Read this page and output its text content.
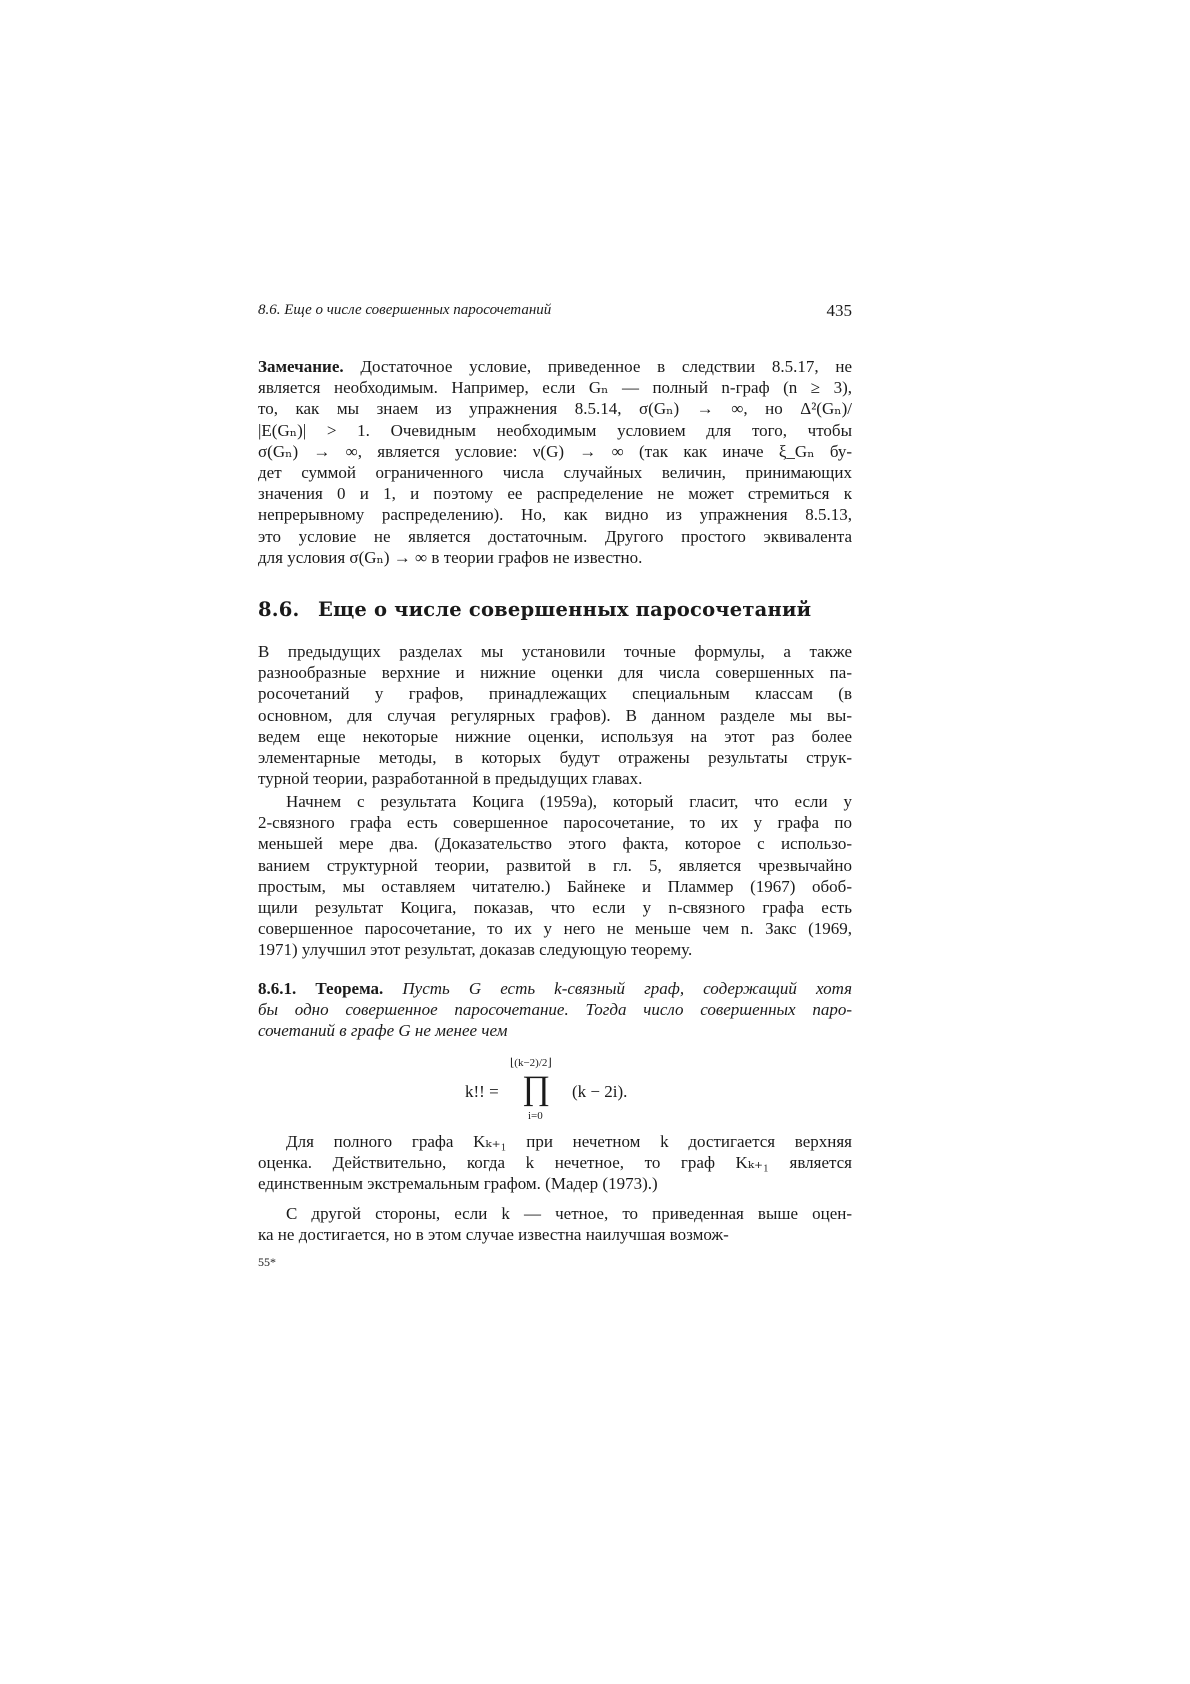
8.6. Еще о числе совершенных паросочетаний	435
Замечание. Достаточное условие, приведенное в следствии 8.5.17, не
является необходимым. Например, если Gₙ — полный n-граф (n ≥ 3),
то, как мы знаем из упражнения 8.5.14, σ(Gₙ) → ∞, но Δ²(Gₙ)/
|E(Gₙ)| > 1. Очевидным необходимым условием для того, чтобы
σ(Gₙ) → ∞, является условие: ν(G) → ∞ (так как иначе ξ_Gₙ бу-
дет суммой ограниченного числа случайных величин, принимающих
значения 0 и 1, и поэтому ее распределение не может стремиться к
непрерывному распределению). Но, как видно из упражнения 8.5.13,
это условие не является достаточным. Другого простого эквивалента
для условия σ(Gₙ) → ∞ в теории графов не известно.
8.6. Еще о числе совершенных паросочетаний
В предыдущих разделах мы установили точные формулы, а также
разнообразные верхние и нижние оценки для числа совершенных па-
росочетаний у графов, принадлежащих специальным классам (в
основном, для случая регулярных графов). В данном разделе мы вы-
ведем еще некоторые нижние оценки, используя на этот раз более
элементарные методы, в которых будут отражены результаты струк-
турной теории, разработанной в предыдущих главах.
Начнем с результата Коцига (1959a), который гласит, что если у
2-связного графа есть совершенное паросочетание, то их у графа по
меньшей мере два. (Доказательство этого факта, которое с использо-
ванием структурной теории, развитой в гл. 5, является чрезвычайно
простым, мы оставляем читателю.) Байнеке и Пламмер (1967) обоб-
щили результат Коцига, показав, что если у n-связного графа есть
совершенное паросочетание, то их у него не меньше чем n. Закс (1969,
1971) улучшил этот результат, доказав следующую теорему.
8.6.1. Теорема. Пусть G есть k-связный граф, содержащий хотя
бы одно совершенное паросочетание. Тогда число совершенных паро-
сочетаний в графе G не менее чем
k!! =
⌊(k−2)/2⌋
∏
i=0
(k − 2i).
Для полного графа Kₖ₊₁ при нечетном k достигается верхняя
оценка. Действительно, когда k нечетное, то граф Kₖ₊₁ является
единственным экстремальным графом. (Мадер (1973).)
С другой стороны, если k — четное, то приведенная выше оцен-
ка не достигается, но в этом случае известна наилучшая возмож-
55*
